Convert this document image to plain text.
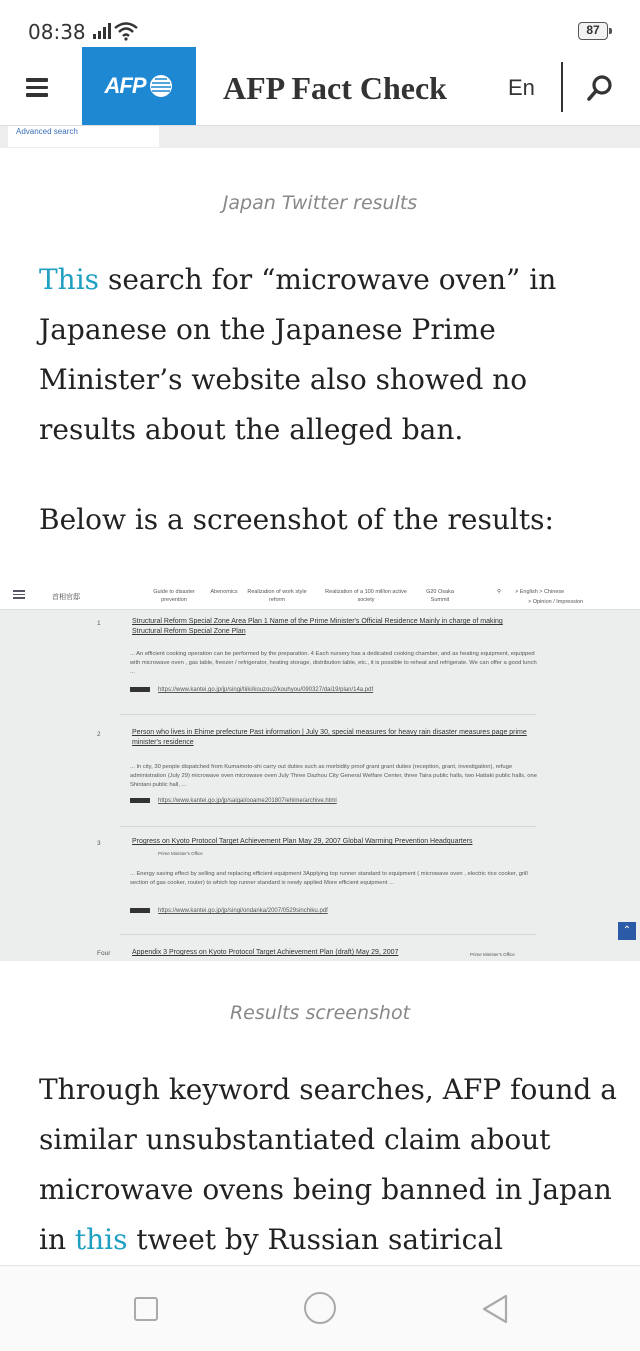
08:38	87
AFP AFP Fact Check	En
Advanced search
Japan Twitter results

This search for “microwave oven” in Japanese on the Japanese Prime Minister’s website also showed no results about the alleged ban.

Below is a screenshot of the results:

首相官邸
Guide to disaster prevention
Abenomics	Realization of work style reform
Realization of a 100 million active society
G20 Osaka Summit
⚲	> English > Chinese
> Opinion / Impression
1	Structural Reform Special Zone Area Plan 1 Name of the Prime Minister's Official Residence Mainly in charge of making Structural Reform Special Zone Plan
... An efficient cooking operation can be performed by the preparation. 4 Each nursery has a dedicated cooking chamber, and as heating equipment, equipped with microwave oven , gas table, freezer / refrigerator, heating storage, distribution table, etc., it is possible to reheat and refrigerate. We can offer a good lunch ...
https://www.kantei.go.jp/jp/singi/tiiki/kouzou2/kouhyou/090327/dai19/plan/14a.pdf
2	Person who lives in Ehime prefecture Past information | July 30, special measures for heavy rain disaster measures page prime minister's residence
... In city, 30 people dispatched from Kumamoto-shi carry out duties such as morbidity proof grant grant duties (reception, grant, investigation), refuge administration (July 29) microwave oven microwave oven July Three Dazhou City General Welfare Center, three Taira public halls, two Hattaki public halls, one Shintani public hall, ...
https://www.kantei.go.jp/jp/saigai/ooame201807/ehime/archive.html
3	Progress on Kyoto Protocol Target Achievement Plan May 29, 2007 Global Warming Prevention Headquarters
Prime Minister's Office
... Energy saving effect by selling and replacing efficient equipment 3Applying top runner standard to equipment ( microwave oven , electric rice cooker, grill section of gas cooker, router) to which top runner standard is newly applied More efficient equipment ...
https://www.kantei.go.jp/jp/singi/ondanka/2007/0529sinchiku.pdf
Four	Appendix 3 Progress on Kyoto Protocol Target Achievement Plan (draft) May 29, 2007	Prime Minister's Office
⌃
Results screenshot

Through keyword searches, AFP found a similar unsubstantiated claim about microwave ovens being banned in Japan in this tweet by Russian satirical
